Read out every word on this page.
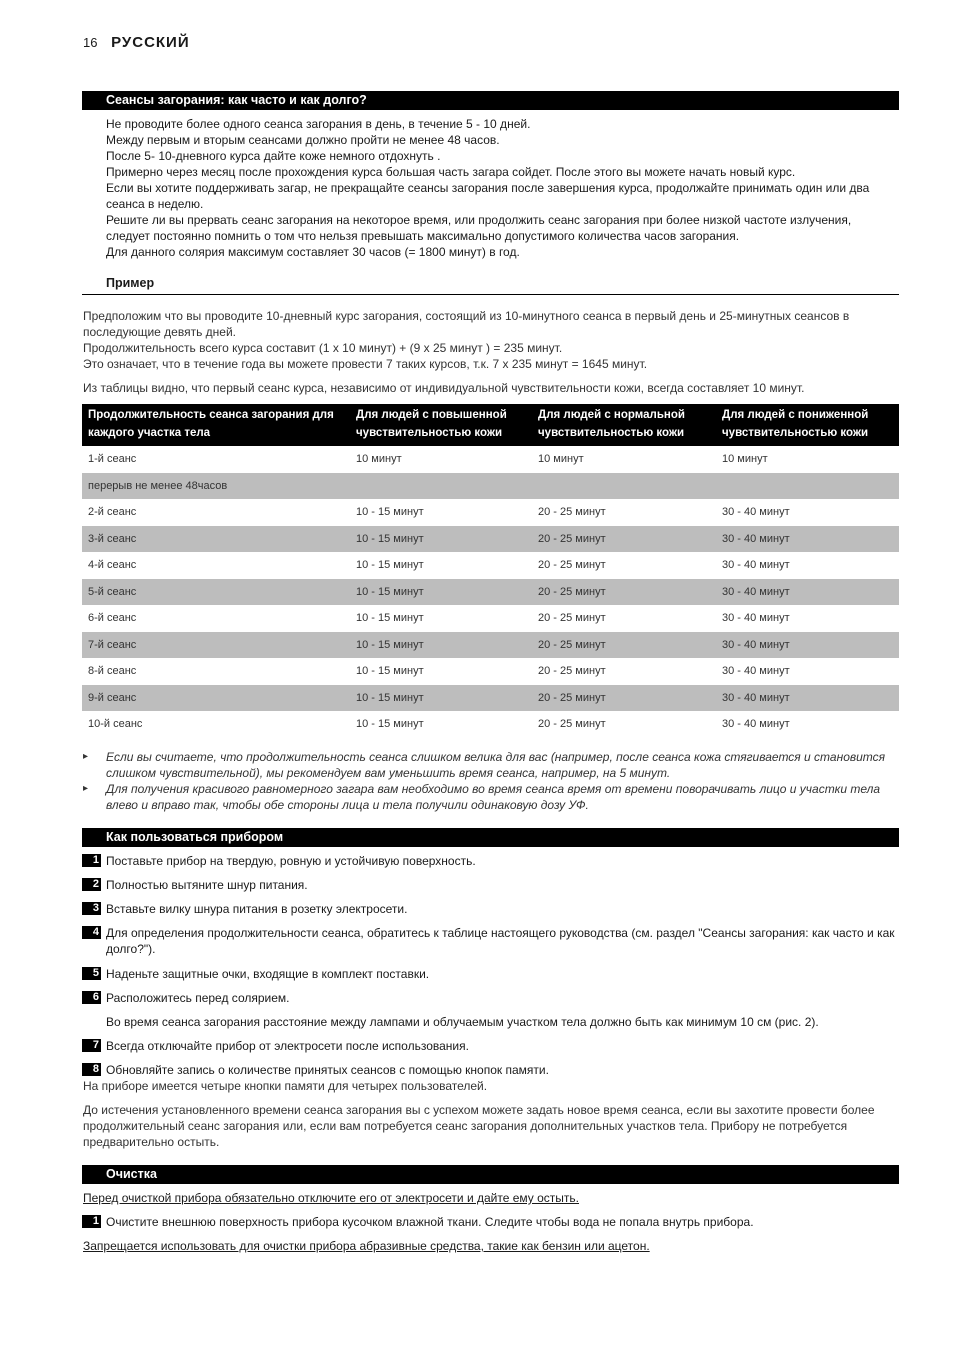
16 РУССКИЙ
Сеансы загорания: как часто и как долго?
Не проводите более одного сеанса загорания в день, в течение 5 - 10 дней.
Между первым и вторым сеансами должно пройти не менее 48 часов.
После 5- 10-дневного курса дайте коже немного отдохнуть .
Примерно через месяц после прохождения курса большая часть загара сойдет. После этого вы можете начать новый курс.
Если вы хотите поддерживать загар, не прекращайте сеансы загорания после завершения курса, продолжайте принимать один или два сеанса в неделю.
Решите ли вы прервать сеанс загорания на некоторое время, или продолжить сеанс загорания при более низкой частоте излучения, следует постоянно помнить о том что нельзя превышать максимально допустимого количества часов загорания.
Для данного солярия максимум составляет 30 часов (= 1800 минут) в год.
Пример
Предположим что вы проводите 10-дневный курс загорания, состоящий из 10-минутного сеанса в первый день и 25-минутных сеансов в последующие девять дней.
Продолжительность всего курса составит (1 x 10 минут) + (9 x 25 минут ) = 235 минут.
Это означает, что в течение года вы можете провести 7 таких курсов, т.к. 7 x 235 минут = 1645 минут.
Из таблицы видно, что первый сеанс курса, независимо от индивидуальной чувствительности кожи, всегда составляет 10 минут.
Продолжительность сеанса загорания для каждого участка тела	Для людей с повышенной чувствительностью кожи	Для людей с нормальной чувствительностью кожи	Для людей с пониженной чувствительностью кожи
1-й сеанс	10 минут	10 минут	10 минут
перерыв не менее 48часов			
2-й сеанс	10 - 15 минут	20 - 25 минут	30 - 40 минут
3-й сеанс	10 - 15 минут	20 - 25 минут	30 - 40 минут
4-й сеанс	10 - 15 минут	20 - 25 минут	30 - 40 минут
5-й сеанс	10 - 15 минут	20 - 25 минут	30 - 40 минут
6-й сеанс	10 - 15 минут	20 - 25 минут	30 - 40 минут
7-й сеанс	10 - 15 минут	20 - 25 минут	30 - 40 минут
8-й сеанс	10 - 15 минут	20 - 25 минут	30 - 40 минут
9-й сеанс	10 - 15 минут	20 - 25 минут	30 - 40 минут
10-й сеанс	10 - 15 минут	20 - 25 минут	30 - 40 минут
▸ Если вы считаете, что продолжительность сеанса слишком велика для вас (например, после сеанса кожа стягивается и становится слишком чувствительной), мы рекомендуем вам уменьшить время сеанса, например, на 5 минут.
▸ Для получения красивого равномерного загара вам необходимо во время сеанса время от времени поворачивать лицо и участки тела влево и вправо так, чтобы обе стороны лица и тела получили одинаковую дозу УФ.
Как пользоваться прибором
1 Поставьте прибор на твердую, ровную и устойчивую поверхность.
2 Полностью вытяните шнур питания.
3 Вставьте вилку шнура питания в розетку электросети.
4 Для определения продолжительности сеанса, обратитесь к таблице настоящего руководства (см. раздел "Сеансы загорания: как часто и как долго?").
5 Наденьте защитные очки, входящие в комплект поставки.
6 Расположитесь перед солярием.
Во время сеанса загорания расстояние между лампами и облучаемым участком тела должно быть как минимум 10 см (рис. 2).
7 Всегда отключайте прибор от электросети после использования.
8 Обновляйте запись о количестве принятых сеансов с помощью кнопок памяти.
На приборе имеется четыре кнопки памяти для четырех пользователей.
До истечения установленного времени сеанса загорания вы с успехом можете задать новое время сеанса, если вы захотите провести более продолжительный сеанс загорания или, если вам потребуется сеанс загорания дополнительных участков тела. Прибору не потребуется предварительно остыть.
Очистка
Перед очисткой прибора обязательно отключите его от электросети и дайте ему остыть.
1 Очистите внешнюю поверхность прибора кусочком влажной ткани. Следите чтобы вода не попала внутрь прибора.
Запрещается использовать для очистки прибора абразивные средства, такие как бензин или ацетон.
